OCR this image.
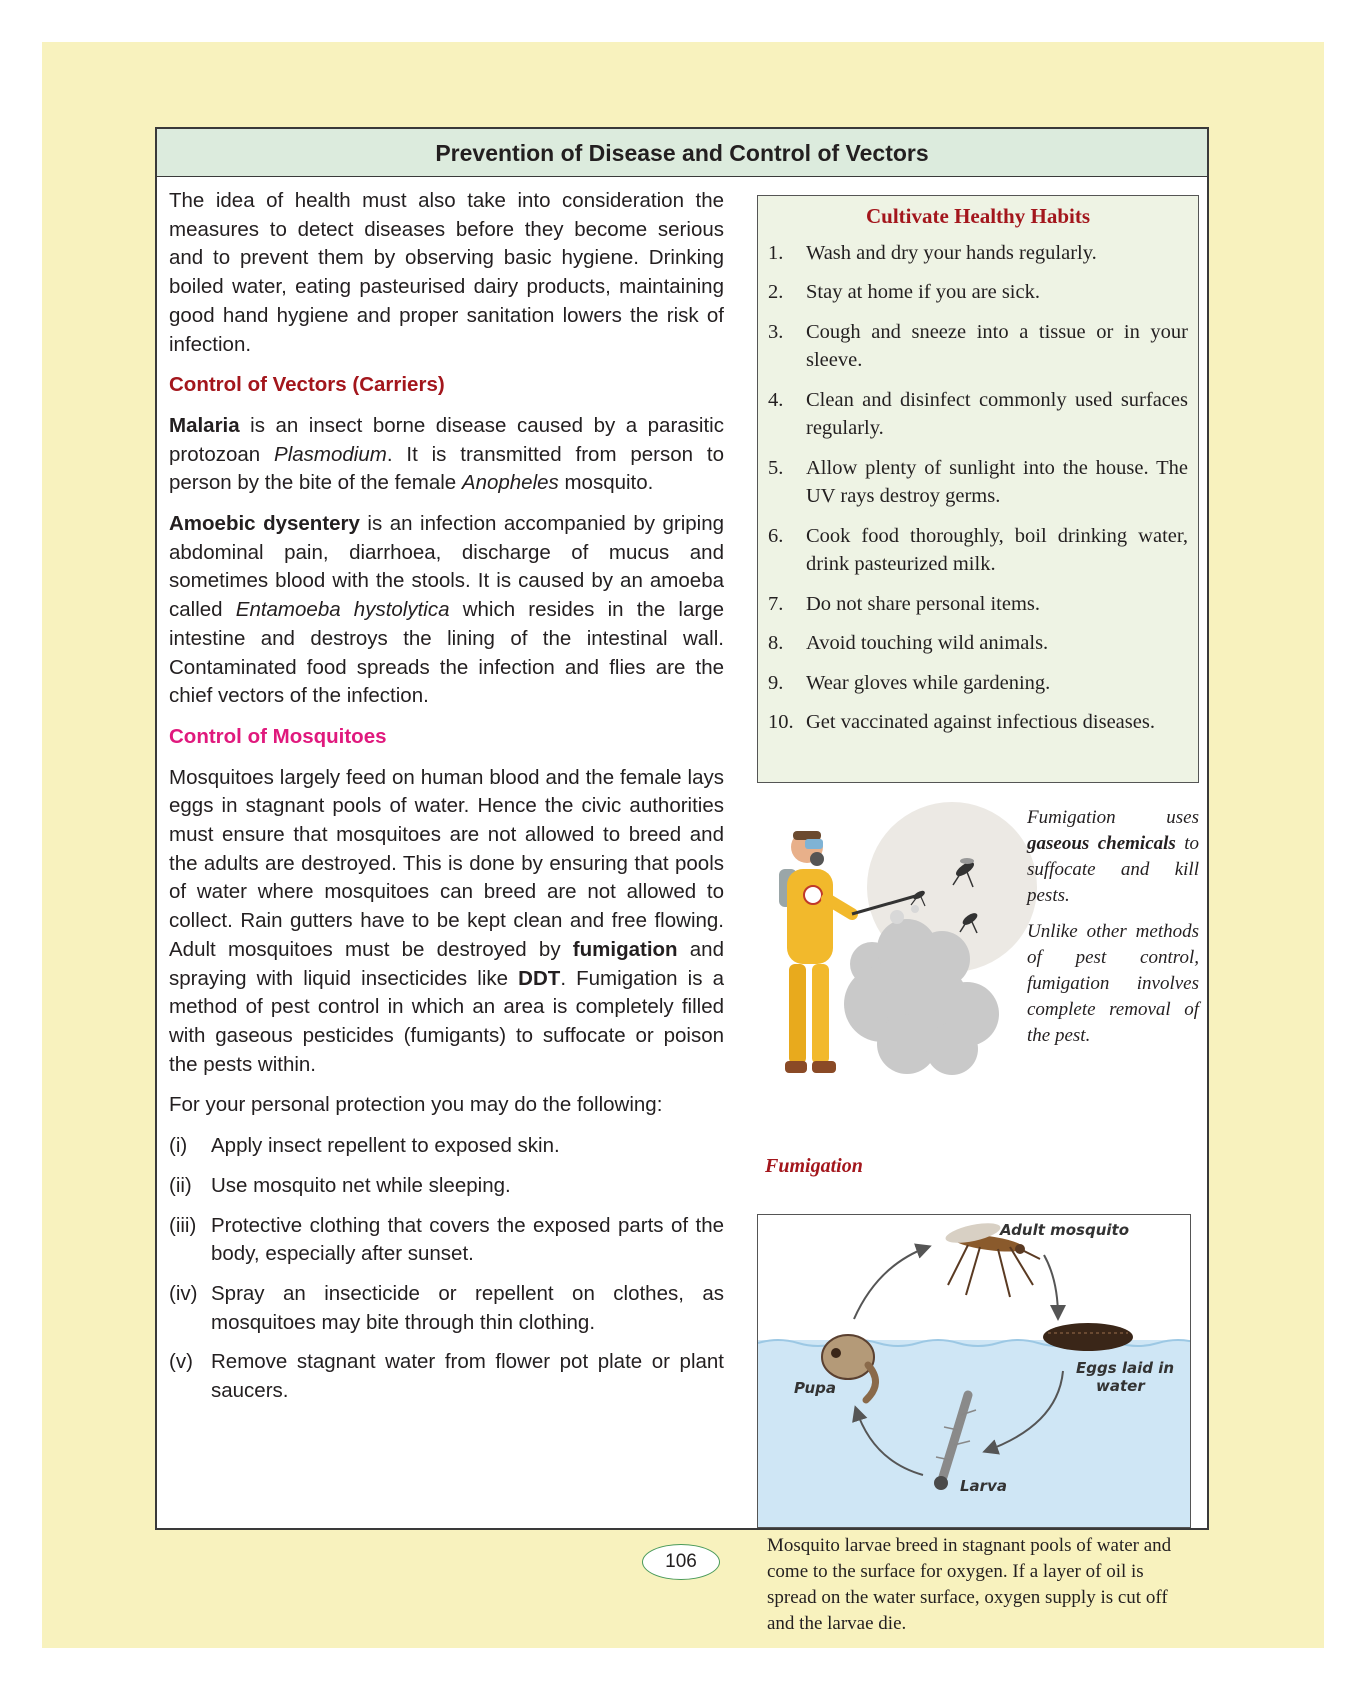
Prevention of Disease and Control of Vectors

The idea of health must also take into consideration the measures to detect diseases before they become serious and to prevent them by observing basic hygiene. Drinking boiled water, eating pasteurised dairy products, maintaining good hand hygiene and proper sanitation lowers the risk of infection.

Control of Vectors (Carriers)

Malaria is an insect borne disease caused by a parasitic protozoan Plasmodium. It is transmitted from person to person by the bite of the female Anopheles mosquito.

Amoebic dysentery is an infection accompanied by griping abdominal pain, diarrhoea, discharge of mucus and sometimes blood with the stools. It is caused by an amoeba called Entamoeba hystolytica which resides in the large intestine and destroys the lining of the intestinal wall. Contaminated food spreads the infection and flies are the chief vectors of the infection.

Control of Mosquitoes

Mosquitoes largely feed on human blood and the female lays eggs in stagnant pools of water. Hence the civic authorities must ensure that mosquitoes are not allowed to breed and the adults are destroyed. This is done by ensuring that pools of water where mosquitoes can breed are not allowed to collect. Rain gutters have to be kept clean and free flowing. Adult mosquitoes must be destroyed by fumigation and spraying with liquid insecticides like DDT. Fumigation is a method of pest control in which an area is completely filled with gaseous pesticides (fumigants) to suffocate or poison the pests within.

For your personal protection you may do the following:

(i)	Apply insect repellent to exposed skin.
(ii) Use mosquito net while sleeping.
(iii) Protective clothing that covers the exposed parts of the body, especially after sunset.
(iv) Spray an insecticide or repellent on clothes, as mosquitoes may bite through thin clothing.
(v) Remove stagnant water from flower pot plate or plant saucers.
Cultivate Healthy Habits
1.	Wash and dry your hands regularly.
2.	Stay at home if you are sick.
3.	Cough and sneeze into a tissue or in your sleeve.
4.	Clean and disinfect commonly used surfaces regularly.
5.	Allow plenty of sunlight into the house. The UV rays destroy germs.
6.	Cook food thoroughly, boil drinking water, drink pasteurized milk.
7.	Do not share personal items.
8.	Avoid touching wild animals.
9.	Wear gloves while gardening.
10. Get vaccinated against infectious diseases.
Fumigation

Fumigation uses gaseous chemicals to suffocate and kill pests.

Unlike other methods of pest control, fumigation involves complete removal of the pest.

Adult mosquito
Eggs laid in
water
Pupa
Larva
Mosquito larvae breed in stagnant pools of water and come to the surface for oxygen. If a layer of oil is spread on the water surface, oxygen supply is cut off and the larvae die.
106
